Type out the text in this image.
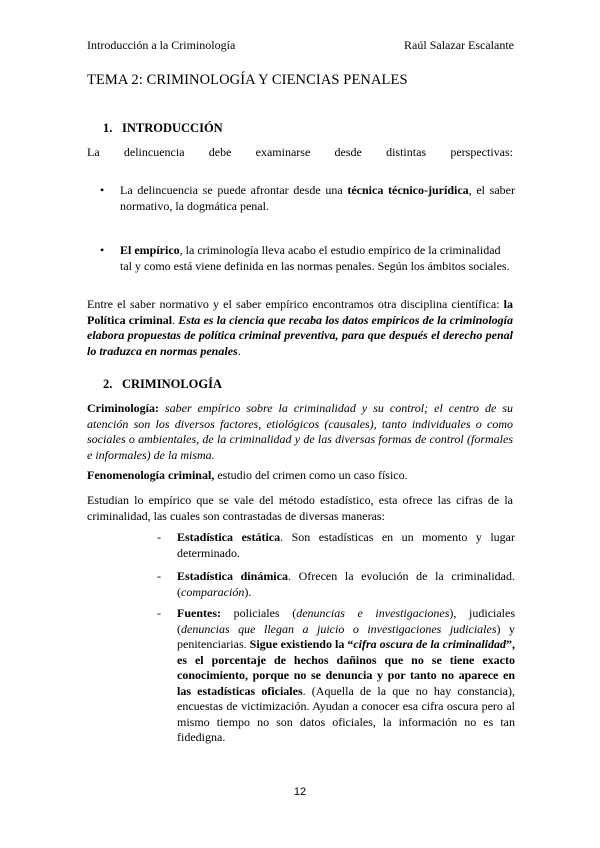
Introducción a la Criminología	Raúl Salazar Escalante
TEMA 2: CRIMINOLOGÍA Y CIENCIAS PENALES
1. INTRODUCCIÓN
La delincuencia debe examinarse desde distintas perspectivas:
•	La delincuencia se puede afrontar desde una técnica técnico-jurídica, el saber normativo, la dogmática penal.
•	El empírico, la criminología lleva acabo el estudio empírico de la criminalidad tal y como está viene definida en las normas penales. Según los ámbitos sociales.
Entre el saber normativo y el saber empírico encontramos otra disciplina científica: la Política criminal. Esta es la ciencia que recaba los datos empíricos de la criminología elabora propuestas de política criminal preventiva, para que después el derecho penal lo traduzca en normas penales.
2. CRIMINOLOGÍA
Criminología: saber empírico sobre la criminalidad y su control; el centro de su atención son los diversos factores, etiológicos (causales), tanto individuales o como sociales o ambientales, de la criminalidad y de las diversas formas de control (formales e informales) de la misma.
Fenomenología criminal, estudio del crimen como un caso físico.
Estudian lo empírico que se vale del método estadístico, esta ofrece las cifras de la criminalidad, las cuales son contrastadas de diversas maneras:
-	Estadística estática. Son estadísticas en un momento y lugar determinado.
-	Estadística dinámica. Ofrecen la evolución de la criminalidad. (comparación).
-	Fuentes: policiales (denuncias e investigaciones), judiciales (denuncias que llegan a juicio o investigaciones judiciales) y penitenciarias. Sigue existiendo la “cifra oscura de la criminalidad”, es el porcentaje de hechos dañinos que no se tiene exacto conocimiento, porque no se denuncia y por tanto no aparece en las estadísticas oficiales. (Aquella de la que no hay constancia), encuestas de victimización. Ayudan a conocer esa cifra oscura pero al mismo tiempo no son datos oficiales, la información no es tan fidedigna.
12
